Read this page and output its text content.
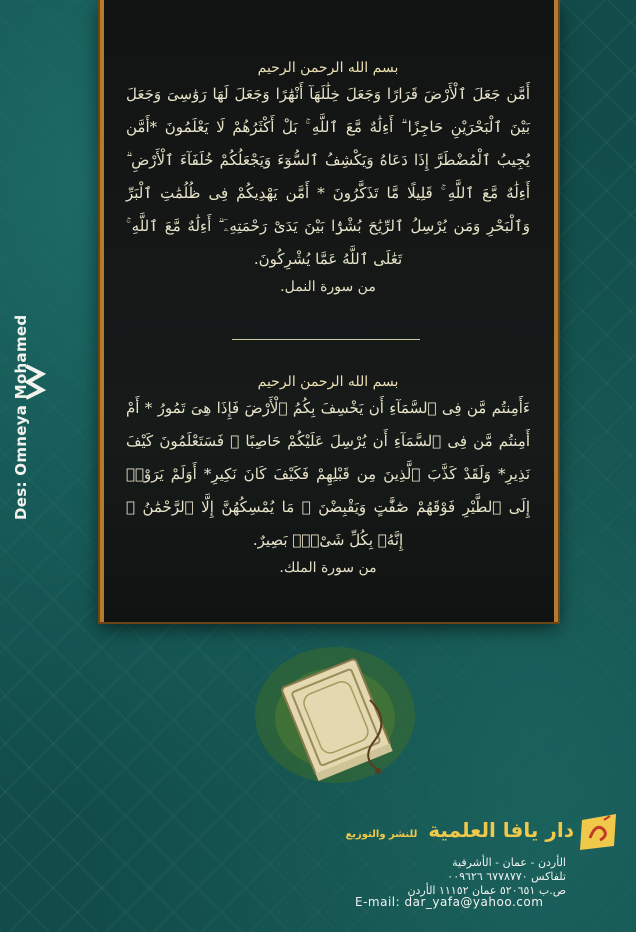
بسم الله الرحمن الرحيم
أَمَّن جَعَلَ ٱلْأَرْضَ قَرَارًا وَجَعَلَ خِلَٰلَهَآ أَنْهَٰرًا وَجَعَلَ لَهَا رَوَٰسِىَ وَجَعَلَ بَيْنَ ٱلْبَحْرَيْنِ حَاجِزًا ۗ أَءِلَٰهٌ مَّعَ ٱللَّهِ ۚ بَلْ أَكْثَرُهُمْ لَا يَعْلَمُونَ *أَمَّن يُجِيبُ ٱلْمُضْطَرَّ إِذَا دَعَاهُ وَيَكْشِفُ ٱلسُّوٓءَ وَيَجْعَلُكُمْ خُلَفَآءَ ٱلْأَرْضِ ۗ أَءِلَٰهٌ مَّعَ ٱللَّهِ ۚ قَلِيلًا مَّا تَذَكَّرُونَ * أَمَّن يَهْدِيكُمْ فِى ظُلُمَٰتِ ٱلْبَرِّ وَٱلْبَحْرِ وَمَن يُرْسِلُ ٱلرِّيَٰحَ بُشْرًۢا بَيْنَ يَدَىْ رَحْمَتِهِۦٓ ۗ أَءِلَٰهٌ مَّعَ ٱللَّهِ ۚ تَعَٰلَى ٱللَّهُ عَمَّا يُشْرِكُونَ.
من سورة النمل.
بسم الله الرحمن الرحيم
ءَأَمِنتُم مَّن فِى ٱلسَّمَآءِ أَن يَخْسِفَ بِكُمُ ٱلْأَرْضَ فَإِذَا هِىَ تَمُورُ * أَمْ أَمِنتُم مَّن فِى ٱلسَّمَآءِ أَن يُرْسِلَ عَلَيْكُمْ حَاصِبًا ۖ فَسَتَعْلَمُونَ كَيْفَ نَذِيرِ* وَلَقَدْ كَذَّبَ ٱلَّذِينَ مِن قَبْلِهِمْ فَكَيْفَ كَانَ نَكِيرِ* أَوَلَمْ يَرَوْا۟ إِلَى ٱلطَّيْرِ فَوْقَهُمْ صَٰٓفَّٰتٍ وَيَقْبِضْنَ ۚ مَا يُمْسِكُهُنَّ إِلَّا ٱلرَّحْمَٰنُ ۚ إِنَّهُۥ بِكُلِّ شَىْءٍۭ بَصِيرٌ.
من سورة الملك.
Des: Omneya Mohamed
دار يافا العلمية للنشر والتوزيع
الأردن - عمان - الأشرفية
تلفاكس ٦٧٧٨٧٧٠ ٠٠٩٦٢٦
ص.ب ٥٢٠٦٥١ عمان ١١١٥٢ الأردن
E-mail: dar_yafa@yahoo.com
